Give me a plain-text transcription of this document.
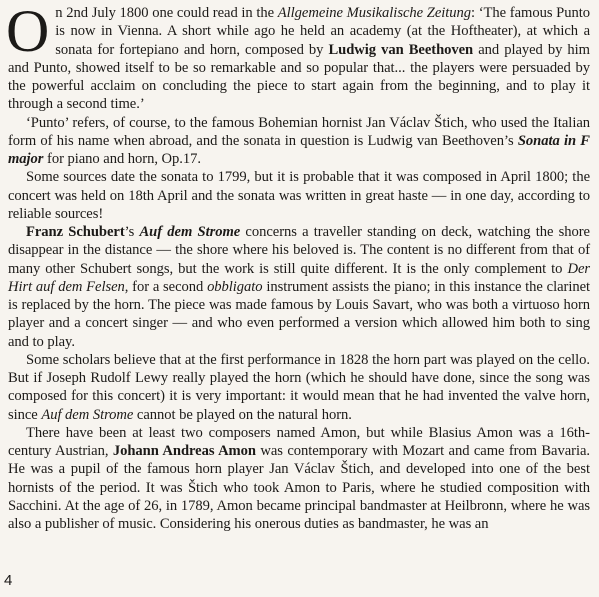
On 2nd July 1800 one could read in the Allgemeine Musikalische Zeitung: ‘The famous Punto is now in Vienna. A short while ago he held an academy (at the Hoftheater), at which a sonata for fortepiano and horn, composed by Ludwig van Beethoven and played by him and Punto, showed itself to be so remarkable and so popular that... the players were persuaded by the powerful acclaim on concluding the piece to start again from the beginning, and to play it through a second time.’

‘Punto’ refers, of course, to the famous Bohemian hornist Jan Václav Štich, who used the Italian form of his name when abroad, and the sonata in question is Ludwig van Beethoven’s Sonata in F major for piano and horn, Op.17.

Some sources date the sonata to 1799, but it is probable that it was composed in April 1800; the concert was held on 18th April and the sonata was written in great haste — in one day, according to reliable sources!

Franz Schubert’s Auf dem Strome concerns a traveller standing on deck, watching the shore disappear in the distance — the shore where his beloved is. The content is no different from that of many other Schubert songs, but the work is still quite different. It is the only complement to Der Hirt auf dem Felsen, for a second obbligato instrument assists the piano; in this instance the clarinet is replaced by the horn. The piece was made famous by Louis Savart, who was both a virtuoso horn player and a concert singer — and who even performed a version which allowed him both to sing and to play.

Some scholars believe that at the first performance in 1828 the horn part was played on the cello. But if Joseph Rudolf Lewy really played the horn (which he should have done, since the song was composed for this concert) it is very important: it would mean that he had invented the valve horn, since Auf dem Strome cannot be played on the natural horn.

There have been at least two composers named Amon, but while Blasius Amon was a 16th-century Austrian, Johann Andreas Amon was contemporary with Mozart and came from Bavaria. He was a pupil of the famous horn player Jan Václav Štich, and developed into one of the best hornists of the period. It was Štich who took Amon to Paris, where he studied composition with Sacchini. At the age of 26, in 1789, Amon became principal bandmaster at Heilbronn, where he was also a publisher of music. Considering his onerous duties as bandmaster, he was an

4
